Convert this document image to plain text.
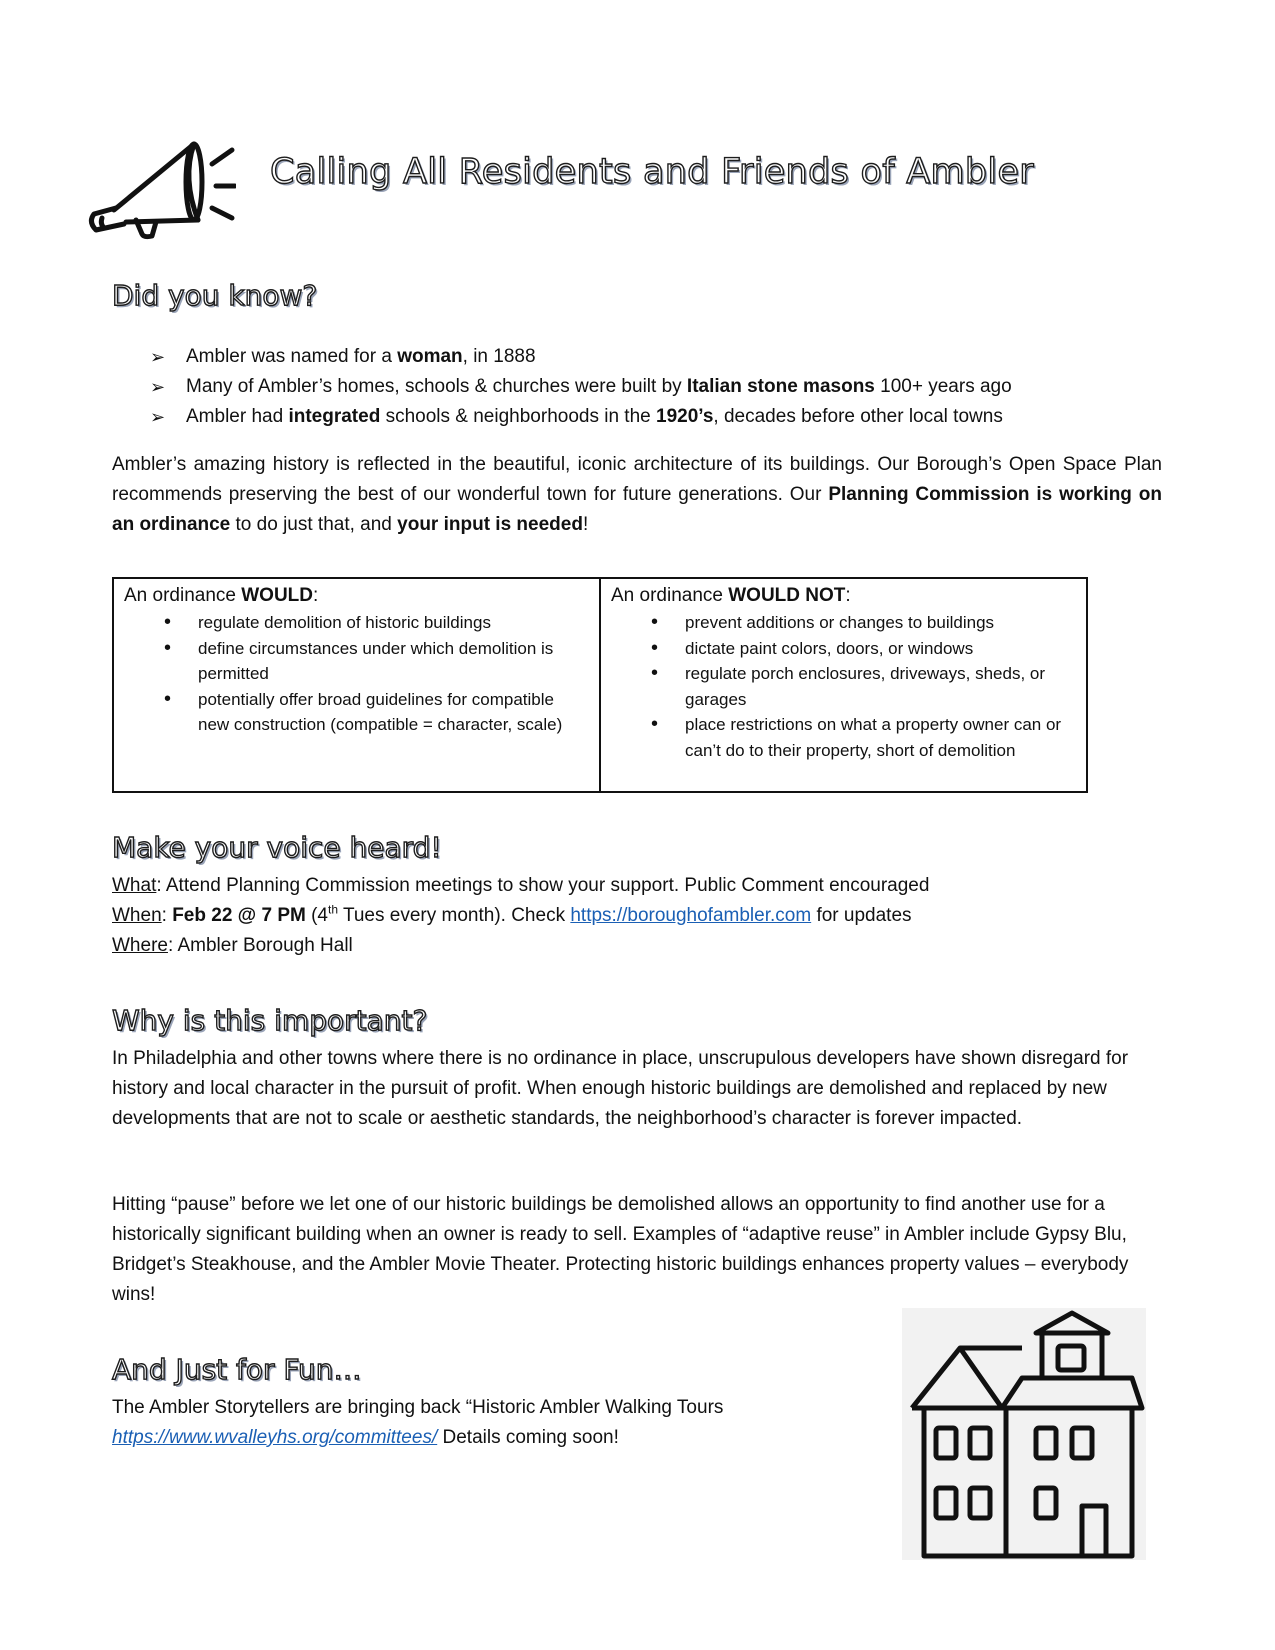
Calling All Residents and Friends of Ambler
Did you know?
➢ Ambler was named for a woman, in 1888
➢ Many of Ambler’s homes, schools & churches were built by Italian stone masons 100+ years ago
➢ Ambler had integrated schools & neighborhoods in the 1920’s, decades before other local towns
Ambler’s amazing history is reflected in the beautiful, iconic architecture of its buildings. Our Borough’s Open Space Plan recommends preserving the best of our wonderful town for future generations. Our Planning Commission is working on an ordinance to do just that, and your input is needed!
An ordinance WOULD:
• regulate demolition of historic buildings
• define circumstances under which demolition is permitted
• potentially offer broad guidelines for compatible new construction (compatible = character, scale)

An ordinance WOULD NOT:
• prevent additions or changes to buildings
• dictate paint colors, doors, or windows
• regulate porch enclosures, driveways, sheds, or garages
• place restrictions on what a property owner can or can’t do to their property, short of demolition
Make your voice heard!
What: Attend Planning Commission meetings to show your support. Public Comment encouraged
When: Feb 22 @ 7 PM (4th Tues every month). Check https://boroughofambler.com for updates
Where: Ambler Borough Hall
Why is this important?
In Philadelphia and other towns where there is no ordinance in place, unscrupulous developers have shown disregard for history and local character in the pursuit of profit. When enough historic buildings are demolished and replaced by new developments that are not to scale or aesthetic standards, the neighborhood’s character is forever impacted.
Hitting “pause” before we let one of our historic buildings be demolished allows an opportunity to find another use for a historically significant building when an owner is ready to sell. Examples of “adaptive reuse” in Ambler include Gypsy Blu, Bridget’s Steakhouse, and the Ambler Movie Theater. Protecting historic buildings enhances property values – everybody wins!
And Just for Fun…
The Ambler Storytellers are bringing back “Historic Ambler Walking Tours
https://www.wvalleyhs.org/committees/ Details coming soon!
